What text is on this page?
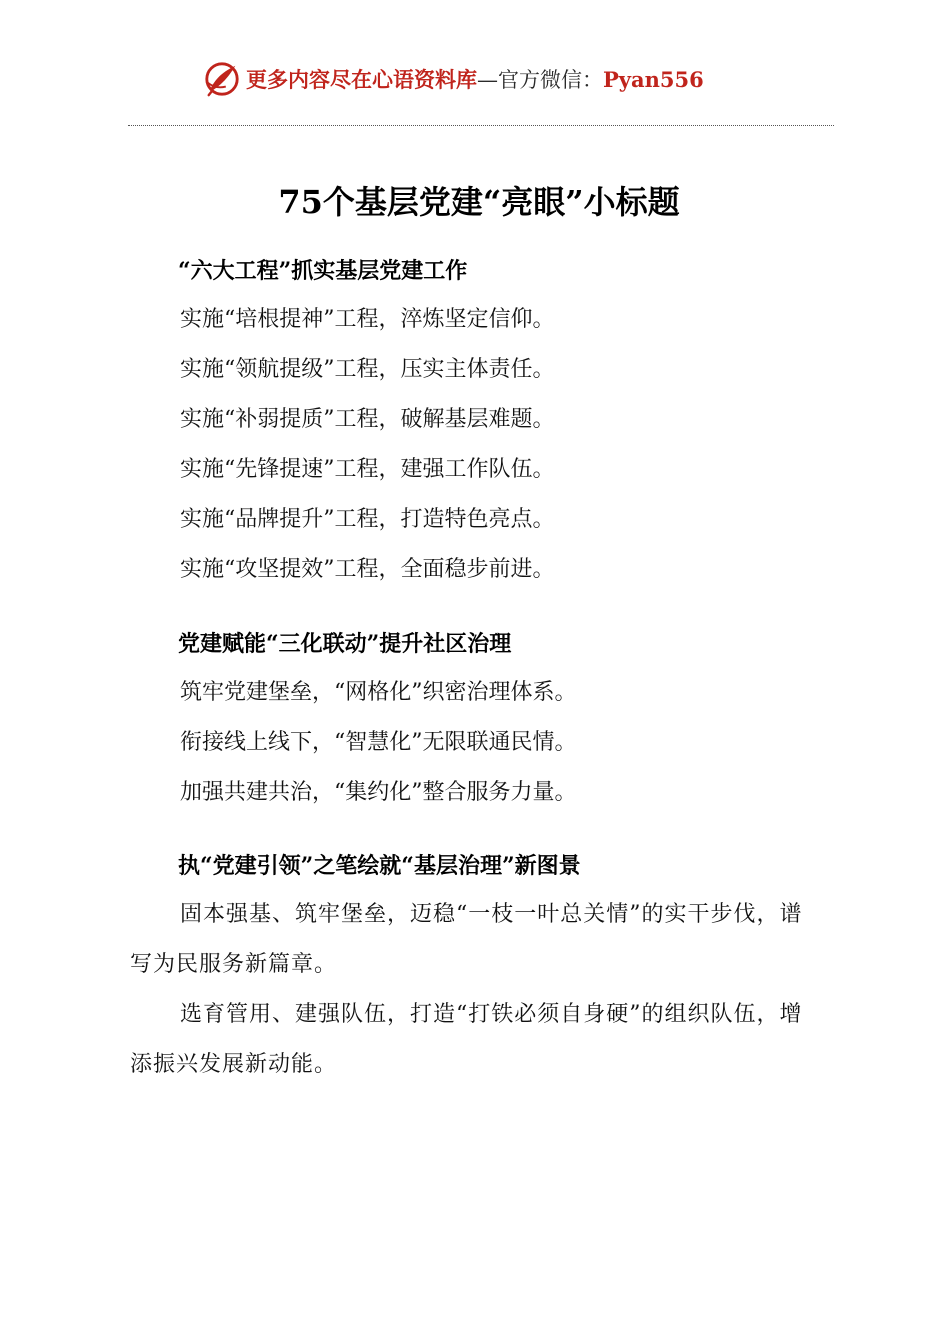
更多内容尽在心语资料库—官方微信：Pyan556
75个基层党建“亮眼”小标题

“六大工程”抓实基层党建工作

实施“培根提神”工程，淬炼坚定信仰。

实施“领航提级”工程，压实主体责任。

实施“补弱提质”工程，破解基层难题。

实施“先锋提速”工程，建强工作队伍。

实施“品牌提升”工程，打造特色亮点。

实施“攻坚提效”工程，全面稳步前进。

党建赋能“三化联动”提升社区治理

筑牢党建堡垒，“网格化”织密治理体系。

衔接线上线下，“智慧化”无限联通民情。

加强共建共治，“集约化”整合服务力量。

执“党建引领”之笔绘就“基层治理”新图景

固本强基、筑牢堡垒，迈稳“一枝一叶总关情”的实干步伐，谱写为民服务新篇章。

选育管用、建强队伍，打造“打铁必须自身硬”的组织队伍，增添振兴发展新动能。
